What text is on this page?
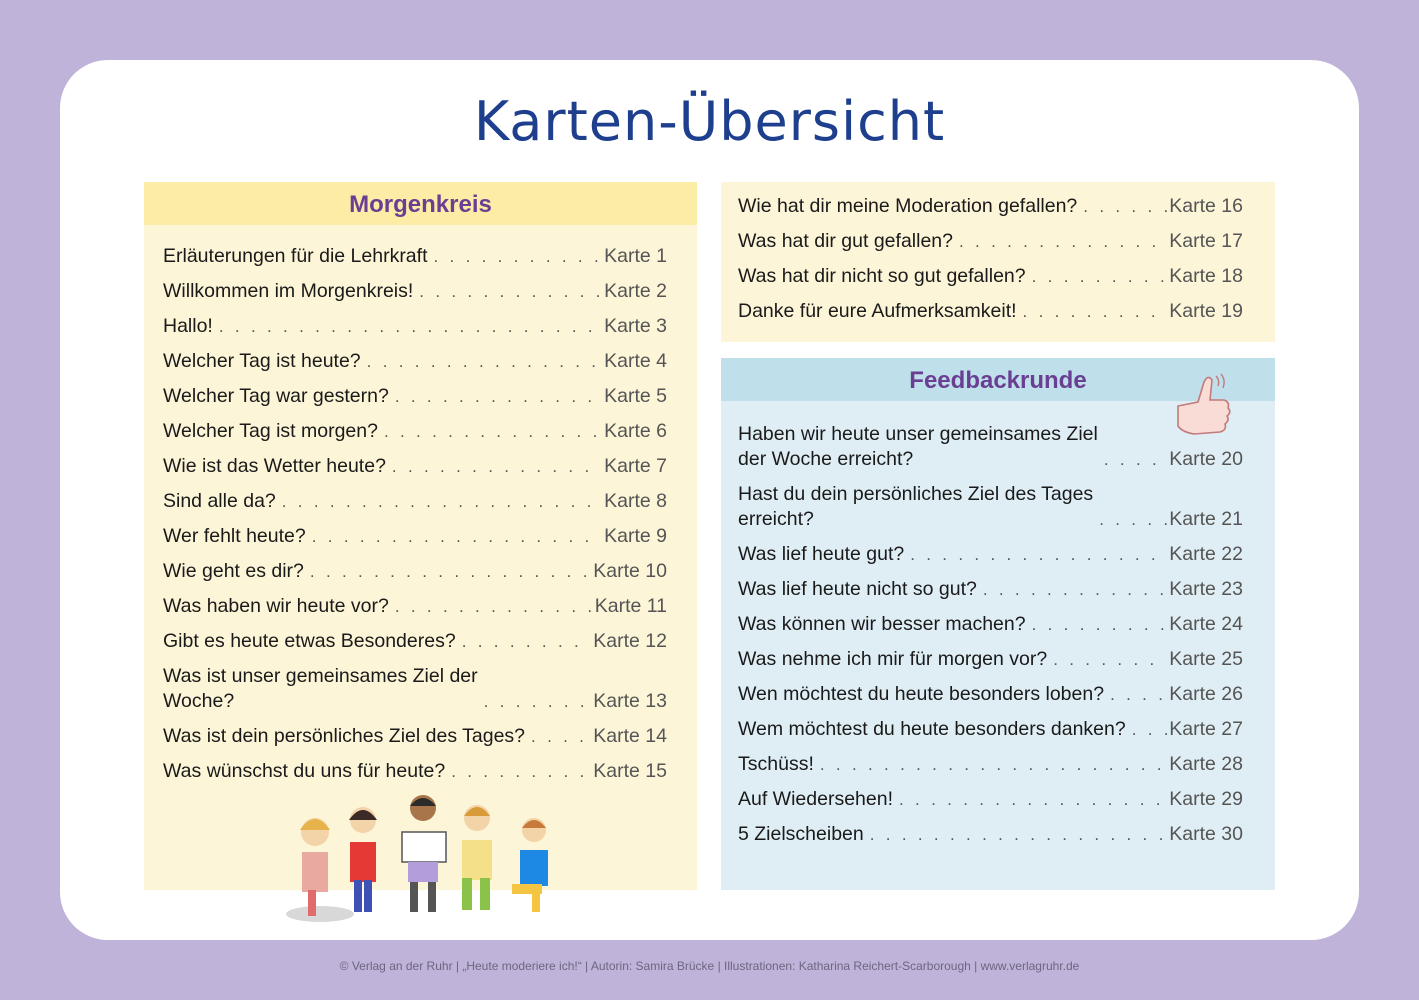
Karten-Übersicht
Morgenkreis
Erläuterungen für die Lehrkraft . . .	Karte 1
Willkommen im Morgenkreis! . . .	Karte 2
Hallo! . . .	Karte 3
Welcher Tag ist heute? . . .	Karte 4
Welcher Tag war gestern? . . .	Karte 5
Welcher Tag ist morgen? . . .	Karte 6
Wie ist das Wetter heute? . . .	Karte 7
Sind alle da? . . .	Karte 8
Wer fehlt heute? . . .	Karte 9
Wie geht es dir? . . .	Karte 10
Was haben wir heute vor? . . .	Karte 11
Gibt es heute etwas Besonderes? . . .	Karte 12
Was ist unser gemeinsames Ziel der
Woche? . . .	Karte 13
Was ist dein persönliches Ziel des Tages? . . .	Karte 14
Was wünschst du uns für heute? . . .	Karte 15
Wie hat dir meine Moderation gefallen? . . .	Karte 16
Was hat dir gut gefallen? . . .	Karte 17
Was hat dir nicht so gut gefallen? . . .	Karte 18
Danke für eure Aufmerksamkeit! . . .	Karte 19
Feedbackrunde
Haben wir heute unser gemeinsames Ziel
der Woche erreicht? . . .	Karte 20
Hast du dein persönliches Ziel des Tages
erreicht? . . .	Karte 21
Was lief heute gut? . . .	Karte 22
Was lief heute nicht so gut? . . .	Karte 23
Was können wir besser machen? . . .	Karte 24
Was nehme ich mir für morgen vor? . . .	Karte 25
Wen möchtest du heute besonders loben? . . .	Karte 26
Wem möchtest du heute besonders danken? . . . Karte 27
Tschüss! . . .	Karte 28
Auf Wiedersehen! . . .	Karte 29
5 Zielscheiben . . .	Karte 30
© Verlag an der Ruhr | „Heute moderiere ich!“ | Autorin: Samira Brücke | Illustrationen: Katharina Reichert-Scarborough | www.verlagruhr.de
